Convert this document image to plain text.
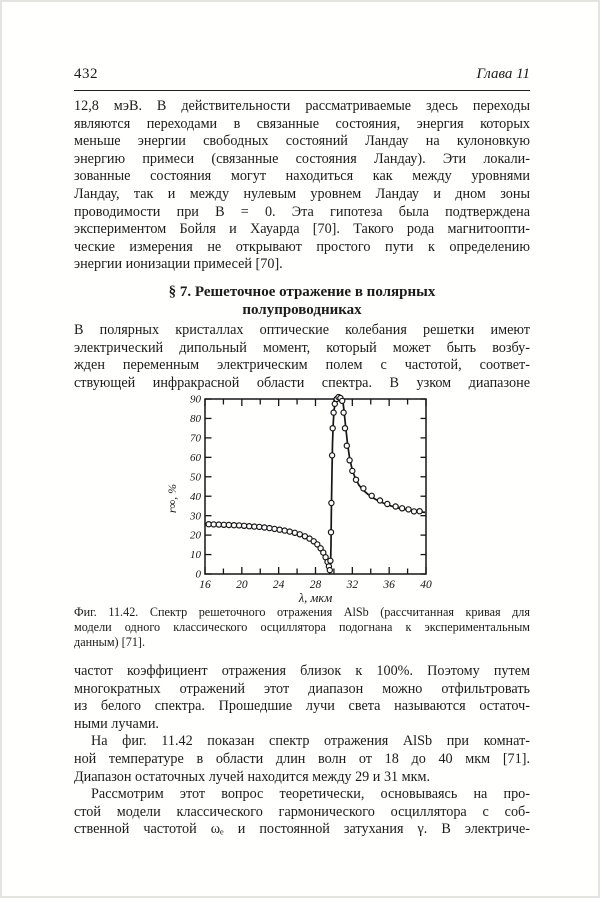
432	Глава 11
12,8 мэВ. В действительности рассматриваемые здесь переходы
являются переходами в связанные состояния, энергия которых
меньше энергии свободных состояний Ландау на кулоновкую
энергию примеси (связанные состояния Ландау). Эти локали-
зованные состояния могут находиться как между уровнями
Ландау, так и между нулевым уровнем Ландау и дном зоны
проводимости при B = 0. Эта гипотеза была подтверждена
экспериментом Бойля и Хауарда [70]. Такого рода магнитоопти-
ческие измерения не открывают простого пути к определению
энергии ионизации примесей [70].
§ 7. Решеточное отражение в полярных
полупроводниках
В полярных кристаллах оптические колебания решетки имеют
электрический дипольный момент, который может быть возбу-
жден переменным электрическим полем с частотой, соответ-
ствующей инфракрасной области спектра. В узком диапазоне
16 20 24 28 32 36 40
0
10
20
30
40
50
60
70
80
90
λ, мкм
r∞, %
Фиг. 11.42. Спектр решеточного отражения AlSb (рассчитанная кривая для
модели одного классического осциллятора подогнана к экспериментальным
данным) [71].
частот коэффициент отражения близок к 100%. Поэтому путем
многократных отражений этот диапазон можно отфильтровать
из белого спектра. Прошедшие лучи света называются остаточ-
ными лучами.
На фиг. 11.42 показан спектр отражения AlSb при комнат-
ной температуре в области длин волн от 18 до 40 мкм [71].
Диапазон остаточных лучей находится между 29 и 31 мкм.
Рассмотрим этот вопрос теоретически, основываясь на про-
стой модели классического гармонического осциллятора с соб-
ственной частотой ωₑ и постоянной затухания γ. В электриче-
